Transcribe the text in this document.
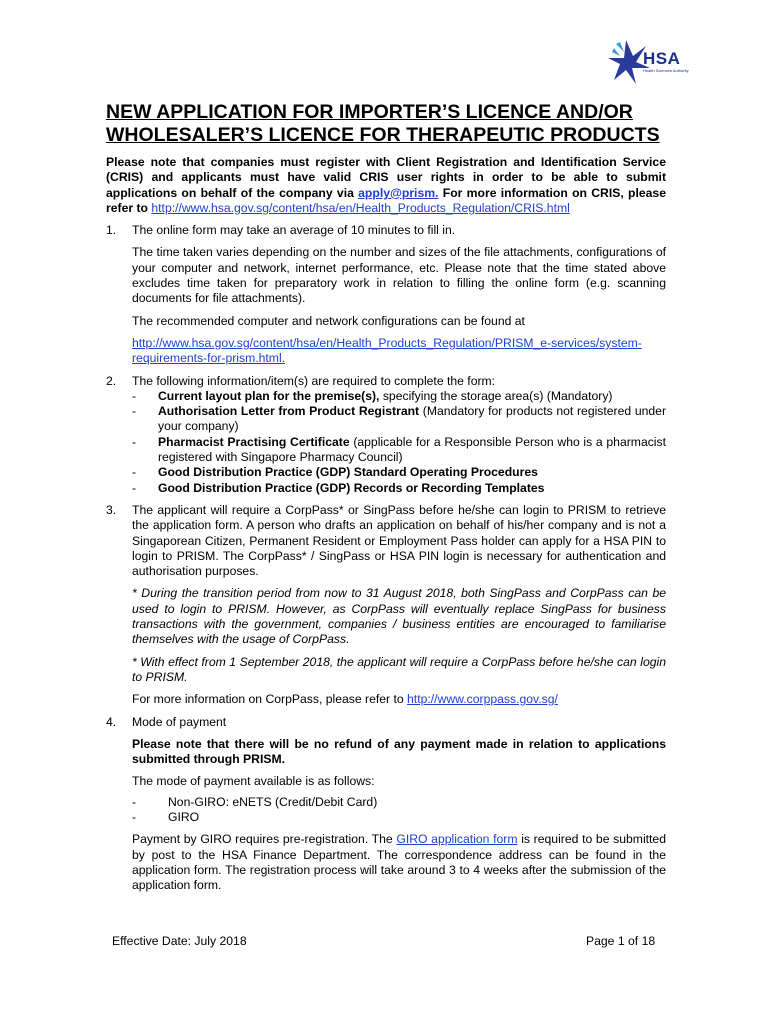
HSA
Health Sciences Authority
NEW APPLICATION FOR IMPORTER’S LICENCE AND/OR WHOLESALER’S LICENCE FOR THERAPEUTIC PRODUCTS

Please note that companies must register with Client Registration and Identification Service (CRIS) and applicants must have valid CRIS user rights in order to be able to submit applications on behalf of the company via apply@prism. For more information on CRIS, please refer to http://www.hsa.gov.sg/content/hsa/en/Health_Products_Regulation/CRIS.html

1. The online form may take an average of 10 minutes to fill in.

The time taken varies depending on the number and sizes of the file attachments, configurations of your computer and network, internet performance, etc. Please note that the time stated above excludes time taken for preparatory work in relation to filling the online form (e.g. scanning documents for file attachments).

The recommended computer and network configurations can be found at

http://www.hsa.gov.sg/content/hsa/en/Health_Products_Regulation/PRISM_e-services/system-requirements-for-prism.html.

2. The following information/item(s) are required to complete the form:

- Current layout plan for the premise(s), specifying the storage area(s) (Mandatory)
- Authorisation Letter from Product Registrant (Mandatory for products not registered under your company)
- Pharmacist Practising Certificate (applicable for a Responsible Person who is a pharmacist registered with Singapore Pharmacy Council)
- Good Distribution Practice (GDP) Standard Operating Procedures
- Good Distribution Practice (GDP) Records or Recording Templates
3. The applicant will require a CorpPass* or SingPass before he/she can login to PRISM to retrieve the application form. A person who drafts an application on behalf of his/her company and is not a Singaporean Citizen, Permanent Resident or Employment Pass holder can apply for a HSA PIN to login to PRISM. The CorpPass* / SingPass or HSA PIN login is necessary for authentication and authorisation purposes.

* During the transition period from now to 31 August 2018, both SingPass and CorpPass can be used to login to PRISM. However, as CorpPass will eventually replace SingPass for business transactions with the government, companies / business entities are encouraged to familiarise themselves with the usage of CorpPass.

* With effect from 1 September 2018, the applicant will require a CorpPass before he/she can login to PRISM.

For more information on CorpPass, please refer to http://www.corppass.gov.sg/

4. Mode of payment

Please note that there will be no refund of any payment made in relation to applications submitted through PRISM.

The mode of payment available is as follows:

- Non-GIRO: eNETS (Credit/Debit Card)
- GIRO

Payment by GIRO requires pre-registration. The GIRO application form is required to be submitted by post to the HSA Finance Department. The correspondence address can be found in the application form. The registration process will take around 3 to 4 weeks after the submission of the application form.

Effective Date: July 2018	Page 1 of 18
